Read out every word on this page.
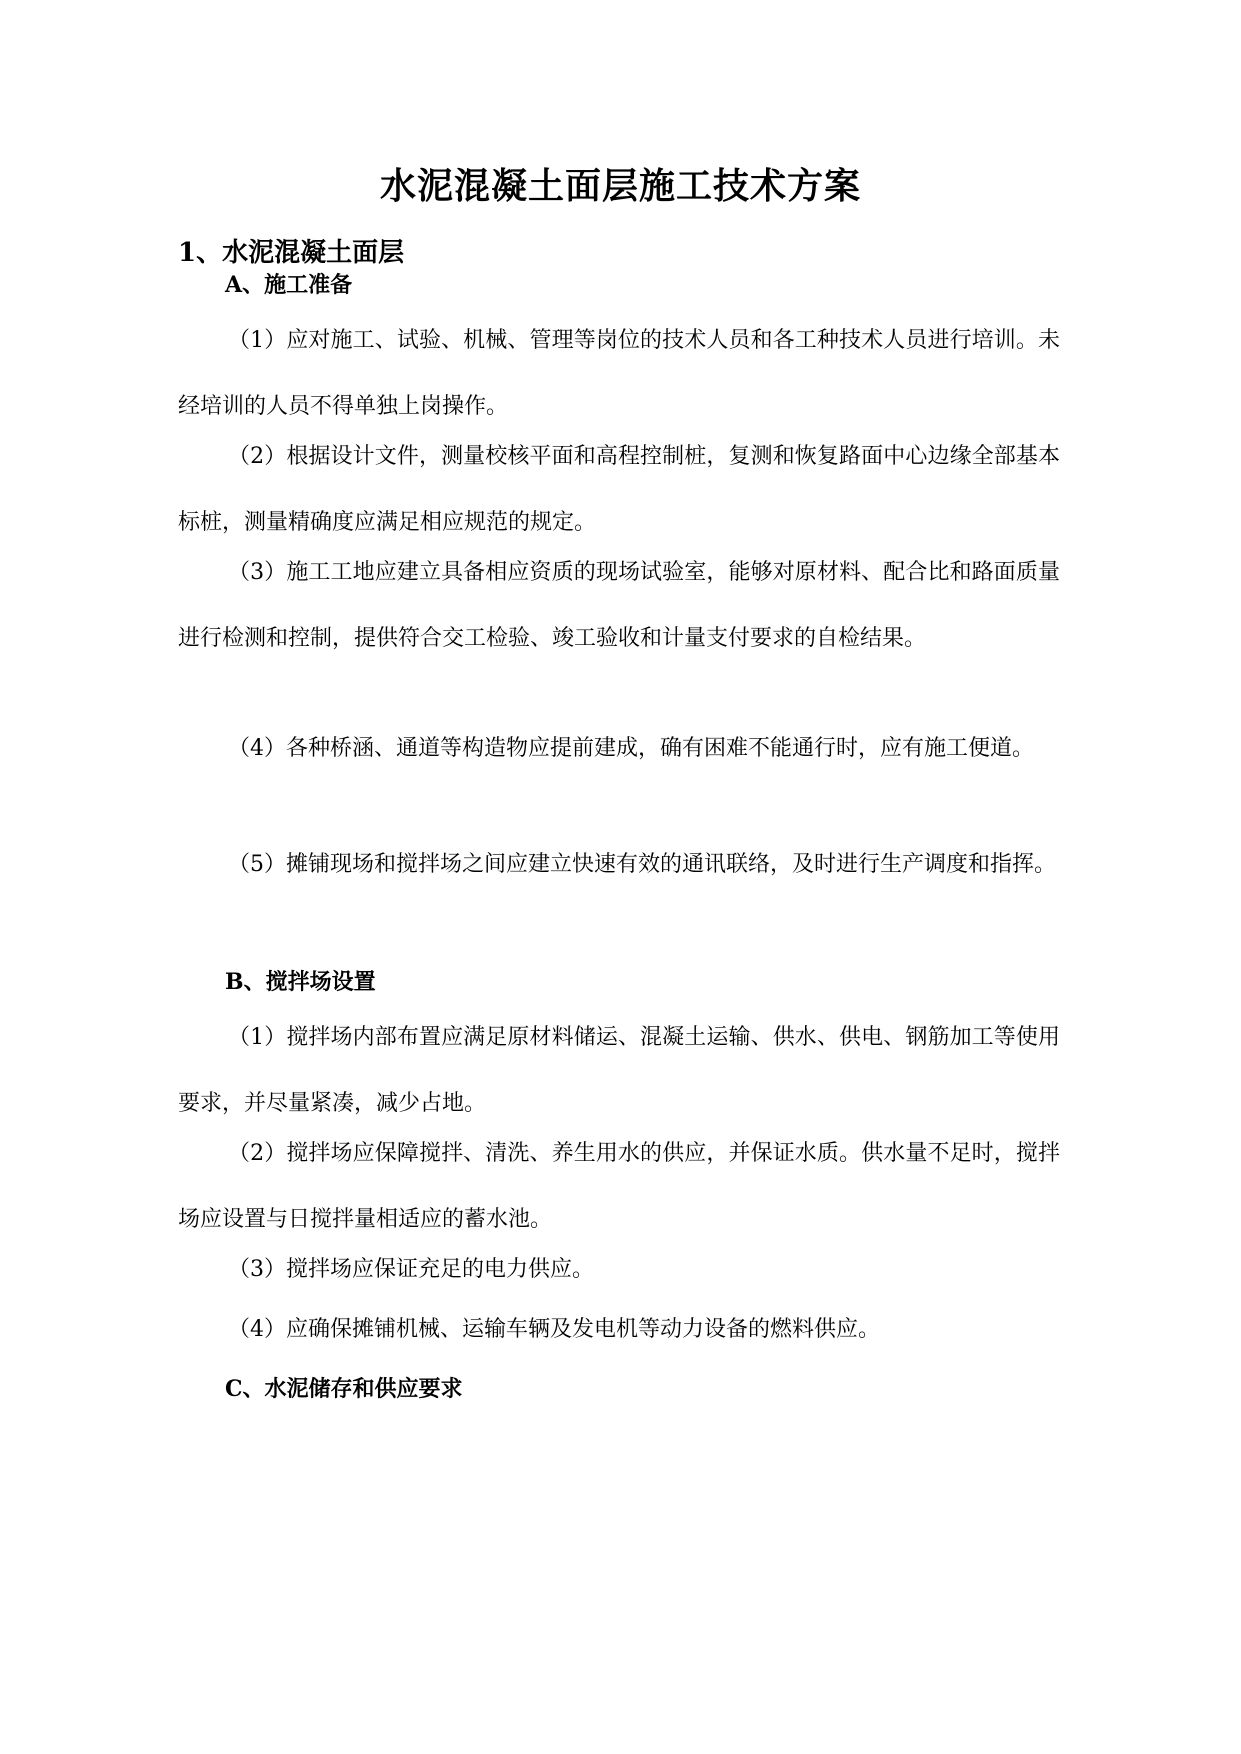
水泥混凝土面层施工技术方案
1、水泥混凝土面层
A、施工准备

（1）应对施工、试验、机械、管理等岗位的技术人员和各工种技术人员进行培训。未经培训的人员不得单独上岗操作。

（2）根据设计文件，测量校核平面和高程控制桩，复测和恢复路面中心边缘全部基本标桩，测量精确度应满足相应规范的规定。

（3）施工工地应建立具备相应资质的现场试验室，能够对原材料、配合比和路面质量进行检测和控制，提供符合交工检验、竣工验收和计量支付要求的自检结果。

（4）各种桥涵、通道等构造物应提前建成，确有困难不能通行时，应有施工便道。

（5）摊铺现场和搅拌场之间应建立快速有效的通讯联络，及时进行生产调度和指挥。

B、搅拌场设置

（1）搅拌场内部布置应满足原材料储运、混凝土运输、供水、供电、钢筋加工等使用要求，并尽量紧凑，减少占地。

（2）搅拌场应保障搅拌、清洗、养生用水的供应，并保证水质。供水量不足时，搅拌场应设置与日搅拌量相适应的蓄水池。

（3）搅拌场应保证充足的电力供应。

（4）应确保摊铺机械、运输车辆及发电机等动力设备的燃料供应。

C、水泥储存和供应要求
